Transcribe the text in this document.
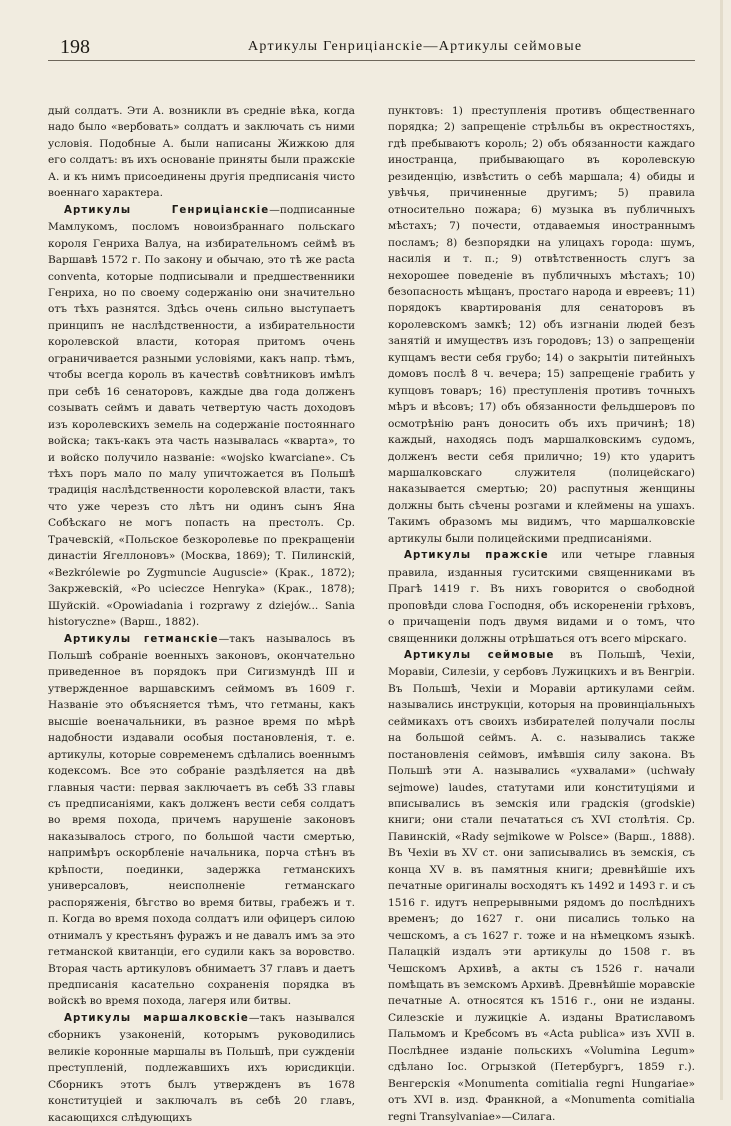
198	Артикулы Генриціанскіе—Артикулы сеймовые

дый солдатъ. Эти А. возникли въ средніе вѣка, когда надо было «вербовать» солдатъ и заключать съ ними условія. Подобные А. были написаны Жижкою для его солдатъ: въ ихъ основаніе приняты были пражскіе А. и къ нимъ присоединены другія предписанія чисто военнаго характера.

Артикулы Генриціанскіе—подписанные Мамлукомъ, посломъ новоизбраннаго польскаго короля Генриха Валуа, на избирательномъ сеймѣ въ Варшавѣ 1572 г. По закону и обычаю, это тѣ же pacta conventa, которые подписывали и предшественники Генриха, но по своему содержанію они значительно отъ тѣхъ разнятся. Здѣсь очень сильно выступаетъ принципъ не наслѣдственности, а избирательности королевской власти, которая притомъ очень ограничивается разными условіями, какъ напр. тѣмъ, чтобы всегда король въ качествѣ совѣтниковъ имѣлъ при себѣ 16 сенаторовъ, каждые два года долженъ созывать сеймъ и давать четвертую часть доходовъ изъ королевскихъ земель на содержаніе постояннаго войска; такъ-какъ эта часть называлась «кварта», то и войско получило названіе: «wojsko kwarciane». Съ тѣхъ поръ мало по малу упичтожается въ Польшѣ традиція наслѣдственности королевской власти, такъ что уже черезъ сто лѣтъ ни одинъ сынъ Яна Собѣскаго не могъ попасть на престолъ. Ср. Трачевскій, «Польское безкоролевье по прекращеніи династіи Ягеллоновъ» (Москва, 1869); Т. Пилинскій, «Bezkrólewie po Zygmuncie Auguscie» (Крак., 1872); Закржевскій, «Po ucieczce Henryka» (Крак., 1878); Шуйскій. «Opowiadania i rozprawy z dziejów... Sania historyczne» (Варш., 1882).

Артикулы гетманскіе—такъ называлось въ Польшѣ собраніе военныхъ законовъ, окончательно приведенное въ порядокъ при Сигизмундѣ III и утвержденное варшавскимъ сеймомъ въ 1609 г. Названіе это объясняется тѣмъ, что гетманы, какъ высшіе военачальники, въ разное время по мѣрѣ надобности издавали особыя постановленія, т. е. артикулы, которые современемъ сдѣлались военнымъ кодексомъ. Все это собраніе раздѣляется на двѣ главныя части: первая заключаетъ въ себѣ 33 главы съ предписаніями, какъ долженъ вести себя солдатъ во время похода, причемъ нарушеніе законовъ наказывалось строго, по большой части смертью, напримѣръ оскорбленіе начальника, порча стѣнъ въ крѣпости, поединки, задержка гетманскихъ универсаловъ, неисполненіе гетманскаго распоряженія, бѣгство во время битвы, грабежъ и т. п. Когда во время похода солдатъ или офицеръ силою отнималъ у крестьянъ фуражъ и не давалъ имъ за это гетманской квитанціи, его судили какъ за воровство. Вторая часть артикуловъ обнимаетъ 37 главъ и даетъ предписанія касательно сохраненія порядка въ войскѣ во время похода, лагеря или битвы.

Артикулы маршалковскіе—такъ назывался сборникъ узаконеній, которымъ руководились великіе коронные маршалы въ Польшѣ, при сужденіи преступленій, подлежавшихъ ихъ юрисдикціи. Сборникъ этотъ былъ утвержденъ въ 1678 конституціей и заключалъ въ себѣ 20 главъ, касающихся слѣдующихъ

пунктовъ: 1) преступленія противъ общественнаго порядка; 2) запрещеніе стрѣльбы въ окрестностяхъ, гдѣ пребываютъ король; 2) объ обязанности каждаго иностранца, прибывающаго въ королевскую резиденцію, извѣстить о себѣ маршала; 4) обиды и увѣчья, причиненные другимъ; 5) правила относительно пожара; 6) музыка въ публичныхъ мѣстахъ; 7) почести, отдаваемыя иностраннымъ посламъ; 8) безпорядки на улицахъ города: шумъ, насилія и т. п.; 9) отвѣтственность слугъ за нехорошее поведеніе въ публичныхъ мѣстахъ; 10) безопасность мѣщанъ, простаго народа и евреевъ; 11) порядокъ квартированія для сенаторовъ въ королевскомъ замкѣ; 12) объ изгнаніи людей безъ занятій и имуществъ изъ городовъ; 13) о запрещеніи купцамъ вести себя грубо; 14) о закрытіи питейныхъ домовъ послѣ 8 ч. вечера; 15) запрещеніе грабить у купцовъ товаръ; 16) преступленія противъ точныхъ мѣръ и вѣсовъ; 17) объ обязанности фельдшеровъ по осмотрѣнію ранъ доносить объ ихъ причинѣ; 18) каждый, находясь подъ маршалковскимъ судомъ, долженъ вести себя прилично; 19) кто ударитъ маршалковскаго служителя (полицейскаго) наказывается смертью; 20) распутныя женщины должны быть сѣчены розгами и клеймены на ушахъ. Такимъ образомъ мы видимъ, что маршалковскіе артикулы были полицейскими предписаніями.

Артикулы пражскіе или четыре главныя правила, изданныя гуситскими священниками въ Прагѣ 1419 г. Въ нихъ говорится о свободной проповѣди слова Господня, объ искорененіи грѣховъ, о причащеніи подъ двумя видами и о томъ, что священники должны отрѣшаться отъ всего мірскаго.

Артикулы сеймовые въ Польшѣ, Чехіи, Моравіи, Силезіи, у сербовъ Лужицкихъ и въ Венгріи. Въ Польшѣ, Чехіи и Моравіи артикулами сейм. назывались инструкціи, которыя на провинціальныхъ сеймикахъ отъ своихъ избирателей получали послы на большой сеймъ. А. с. назывались также постановленія сеймовъ, имѣвшія силу закона. Въ Польшѣ эти А. назывались «ухвалами» (uchwały sejmowe) laudes, статутами или конституціями и вписывались въ земскія или градскія (grodskie) книги; они стали печататься съ XVI столѣтія. Ср. Павинскій, «Rady sejmikowe w Polsce» (Варш., 1888). Въ Чехіи въ XV ст. они записывались въ земскія, съ конца XV в. въ памятныя книги; древнѣйшіе ихъ печатные оригиналы восходятъ къ 1492 и 1493 г. и съ 1516 г. идутъ непрерывными рядомъ до послѣднихъ временъ; до 1627 г. они писались только на чешскомъ, а съ 1627 г. тоже и на нѣмецкомъ языкѣ. Палацкій издалъ эти артикулы до 1508 г. въ Чешскомъ Архивѣ, а акты съ 1526 г. начали помѣщать въ земскомъ Архивѣ. Древнѣйшіе моравскіе печатные А. относятся къ 1516 г., они не изданы. Силезскіе и лужицкіе А. изданы Вратиславомъ Пальмомъ и Кребсомъ въ «Acta publica» изъ XVII в. Послѣднее изданіе польскихъ «Volumina Legum» сдѣлано Іос. Огрызкой (Петербургъ, 1859 г.). Венгерскія «Monumenta comitialia regni Hungariae» отъ XVI в. изд. Франкной, а «Monumenta comitialia regni Transylvaniae»—Силага.
